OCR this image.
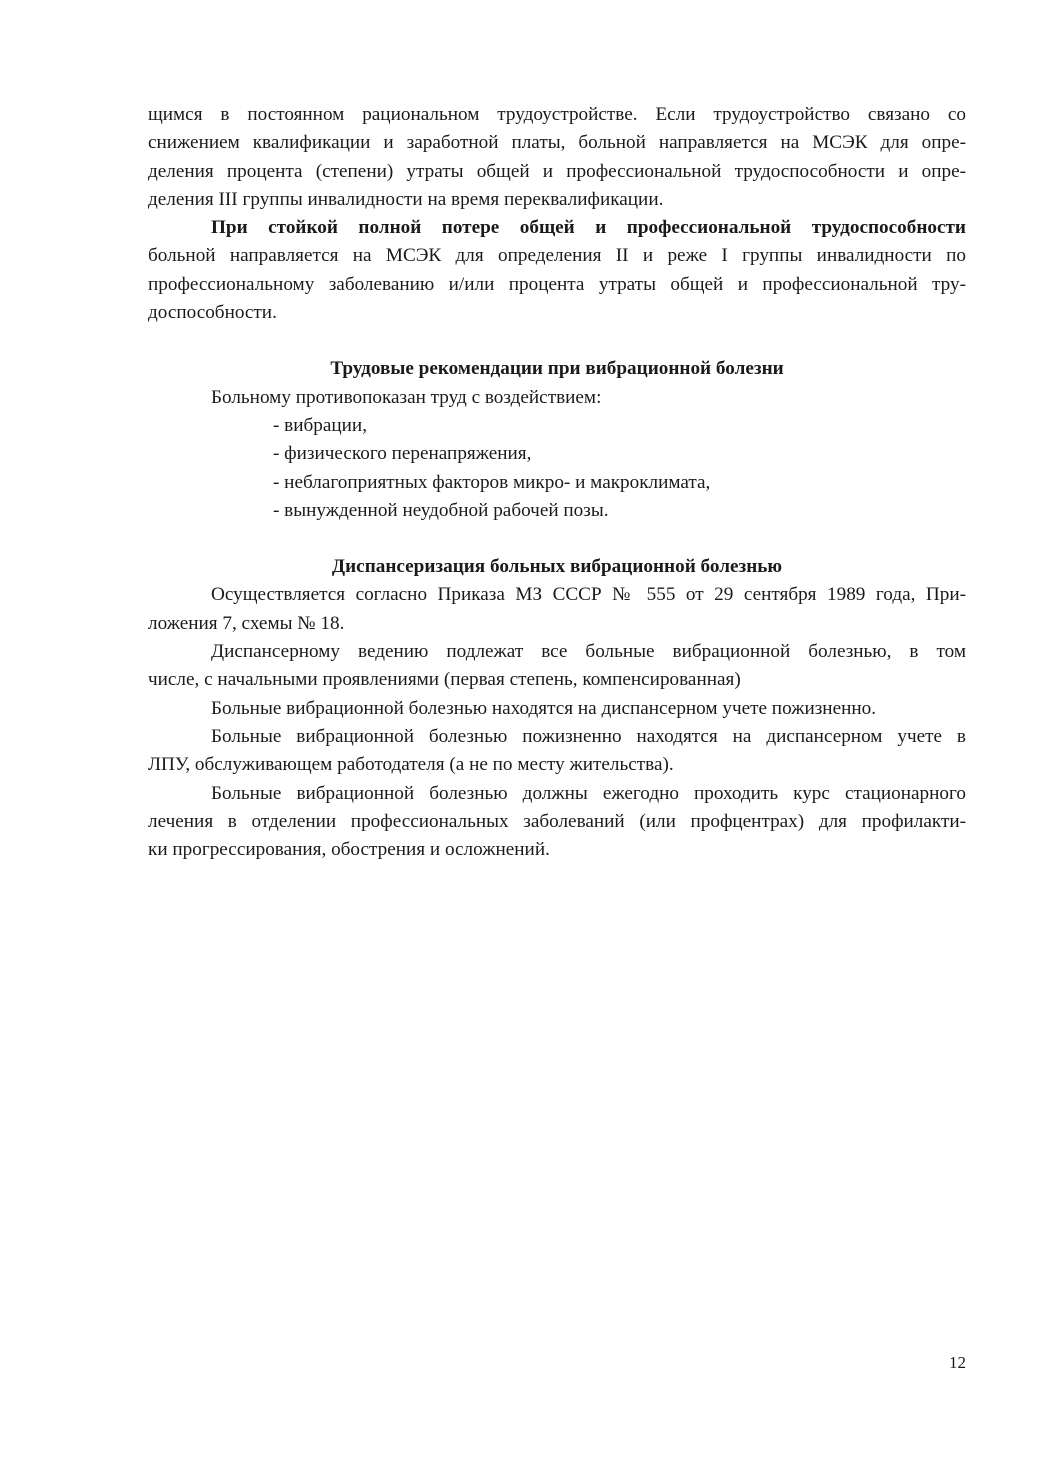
щимся в постоянном рациональном трудоустройстве. Если трудоустройство связано со
снижением квалификации и заработной платы, больной направляется на МСЭК для опре-
деления процента (степени) утраты общей и профессиональной трудоспособности и опре-
деления III группы инвалидности на время переквалификации.
При стойкой полной потере общей и профессиональной трудоспособности
больной направляется на МСЭК для определения II и реже I группы инвалидности по
профессиональному заболеванию и/или процента утраты общей и профессиональной тру-
доспособности.
Трудовые рекомендации при вибрационной болезни
Больному противопоказан труд с воздействием:
- вибрации,
- физического перенапряжения,
- неблагоприятных факторов микро- и макроклимата,
- вынужденной неудобной рабочей позы.
Диспансеризация больных вибрационной болезнью
Осуществляется согласно Приказа МЗ СССР № 555 от 29 сентября 1989 года, При-
ложения 7, схемы № 18.
Диспансерному ведению подлежат все больные вибрационной болезнью, в том
числе, с начальными проявлениями (первая степень, компенсированная)
Больные вибрационной болезнью находятся на диспансерном учете пожизненно.
Больные вибрационной болезнью пожизненно находятся на диспансерном учете в
ЛПУ, обслуживающем работодателя (а не по месту жительства).
Больные вибрационной болезнью должны ежегодно проходить курс стационарного
лечения в отделении профессиональных заболеваний (или профцентрах) для профилакти-
ки прогрессирования, обострения и осложнений.
12
